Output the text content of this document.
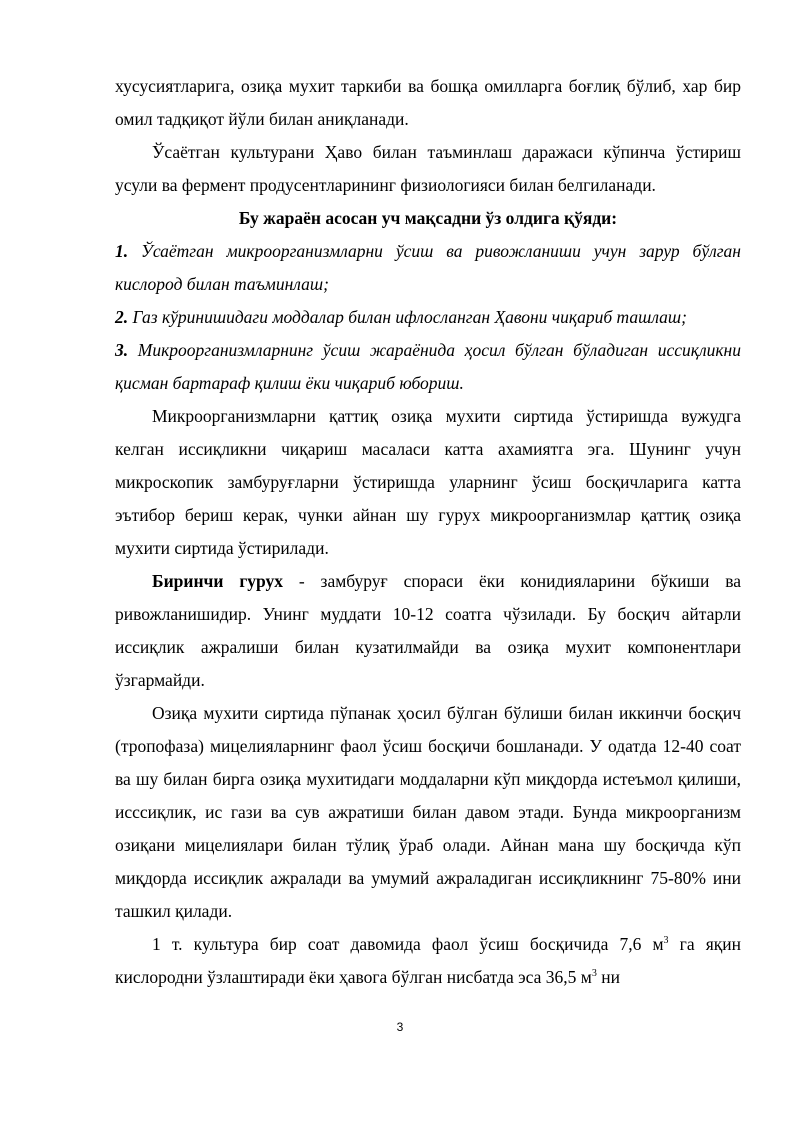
хусусиятларига, озиқа мухит таркиби ва бошқа омилларга боғлиқ бўлиб, хар бир омил тадқиқот йўли билан аниқланади.

Ўсаётган культурани Ҳаво билан таъминлаш даражаси кўпинча ўстириш усули ва фермент продусентларининг физиологияси билан белгиланади.

Бу жараён асосан уч мақсадни ўз олдига қўяди:

1. Ўсаётган микроорганизмларни ўсиш ва ривожланиши учун зарур бўлган кислород билан таъминлаш;

2. Газ кўринишидаги моддалар билан ифлосланган Ҳавони чиқариб ташлаш;

3. Микроорганизмларнинг ўсиш жараёнида ҳосил бўлган бўладиган иссиқликни қисман бартараф қилиш ёки чиқариб юбориш.

Микроорганизмларни қаттиқ озиқа мухити сиртида ўстиришда вужудга келган иссиқликни чиқариш масаласи катта ахамиятга эга. Шунинг учун микроскопик замбуруғларни ўстиришда уларнинг ўсиш босқичларига катта эътибор бериш керак, чунки айнан шу гурух микроорганизмлар қаттиқ озиқа мухити сиртида ўстирилади.

Биринчи гурух - замбуруғ спораси ёки конидияларини бўкиши ва ривожланишидир. Унинг муддати 10-12 соатга чўзилади. Бу босқич айтарли иссиқлик ажралиши билан кузатилмайди ва озиқа мухит компонентлари ўзгармайди.

Озиқа мухити сиртида пўпанак ҳосил бўлган бўлиши билан иккинчи босқич (тропофаза) мицелияларнинг фаол ўсиш босқичи бошланади. У одатда 12-40 соат ва шу билан бирга озиқа мухитидаги моддаларни кўп миқдорда истеъмол қилиши, исссиқлик, ис гази ва сув ажратиши билан давом этади. Бунда микроорганизм озиқани мицелиялари билан тўлиқ ўраб олади. Айнан мана шу босқичда кўп миқдорда иссиқлик ажралади ва умумий ажраладиган иссиқликнинг 75-80% ини ташкил қилади.

1 т. культура бир соат давомида фаол ўсиш босқичида 7,6 $м^3$ га яқин кислородни ўзлаштиради ёки ҳавога бўлган нисбатда эса 36,5 $м^3$ ни

3
